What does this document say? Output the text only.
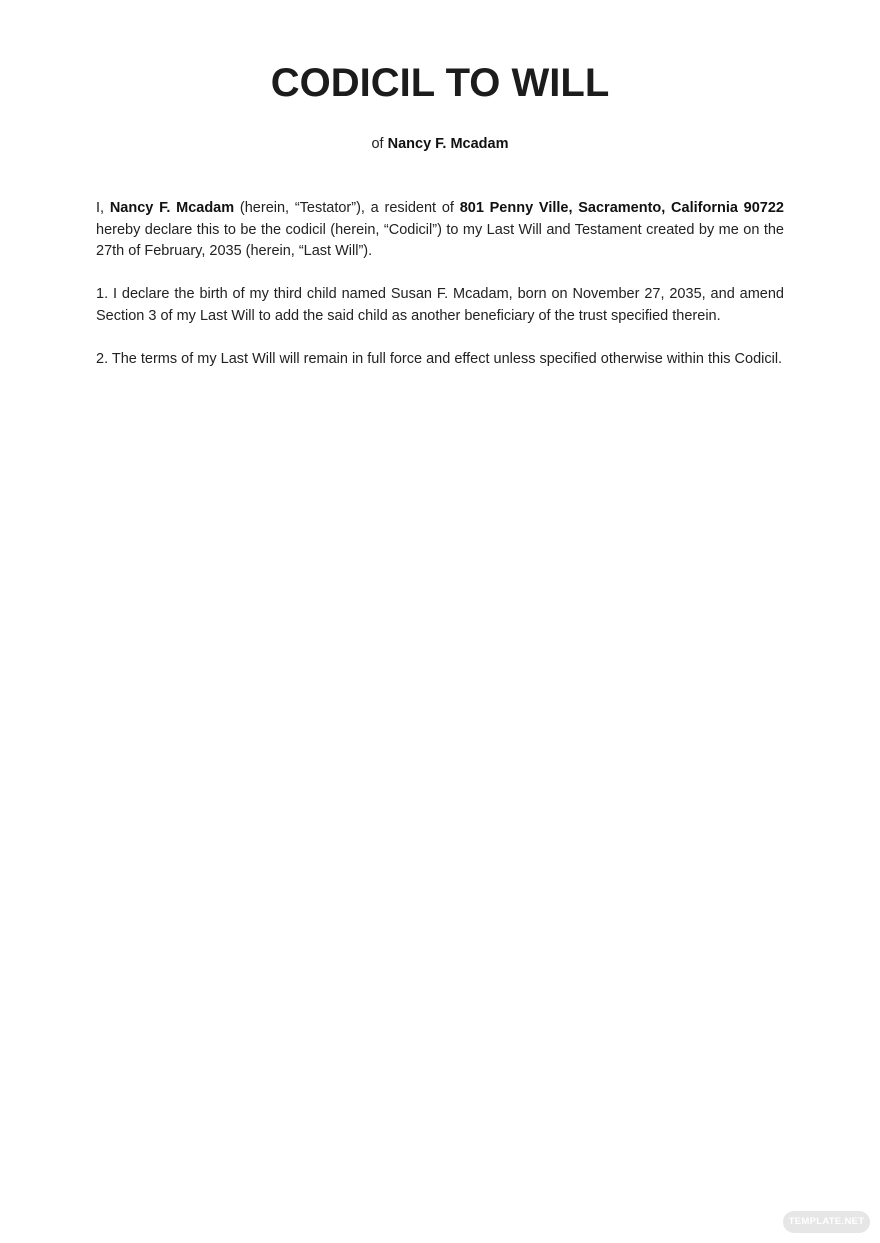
CODICIL TO WILL
of Nancy F. Mcadam

I, Nancy F. Mcadam (herein, “Testator”), a resident of 801 Penny Ville, Sacramento, California 90722 hereby declare this to be the codicil (herein, “Codicil”) to my Last Will and Testament created by me on the 27th of February, 2035 (herein, “Last Will”).

1. I declare the birth of my third child named Susan F. Mcadam, born on November 27, 2035, and amend Section 3 of my Last Will to add the said child as another beneficiary of the trust specified therein.

2. The terms of my Last Will will remain in full force and effect unless specified otherwise within this Codicil.

TEMPLATE.NET
